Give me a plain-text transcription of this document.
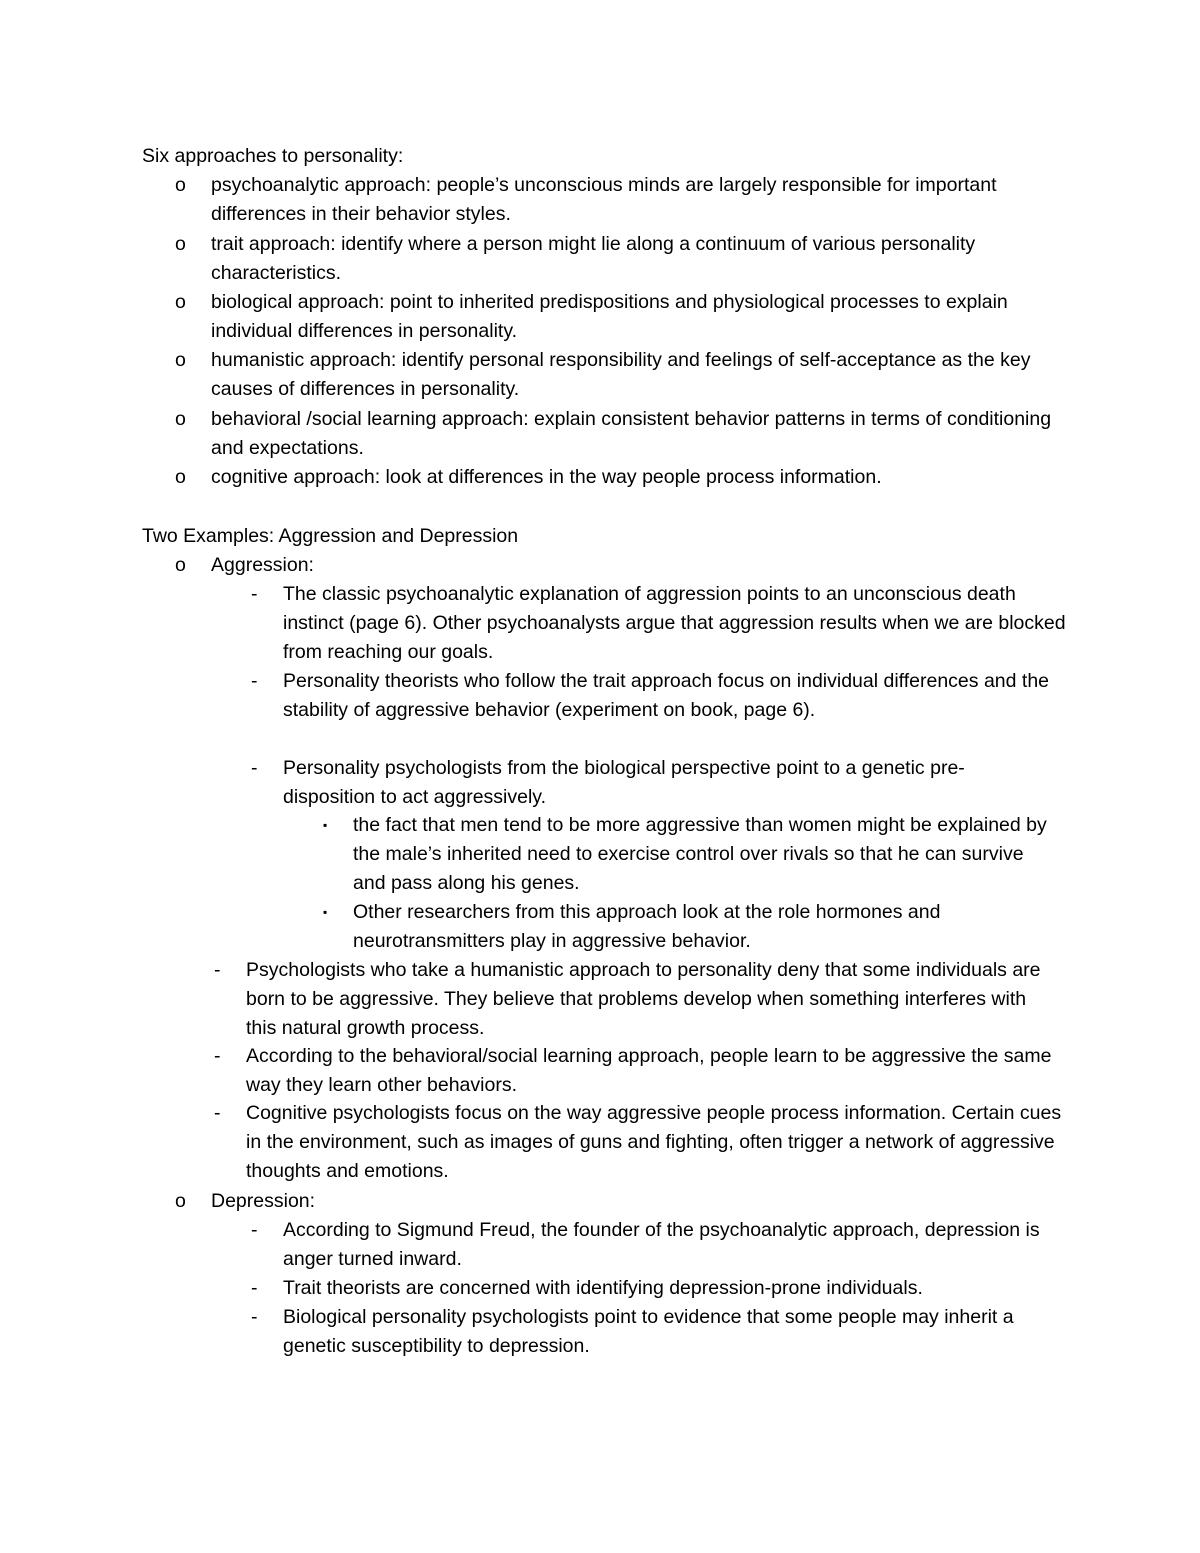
Six approaches to personality:
o	psychoanalytic approach: people’s unconscious minds are largely responsible for important differences in their behavior styles.
o	trait approach: identify where a person might lie along a continuum of various personality characteristics.
o	biological approach: point to inherited predispositions and physiological processes to explain individual differences in personality.
o	humanistic approach: identify personal responsibility and feelings of self-acceptance as the key causes of differences in personality.
o	behavioral /social learning approach: explain consistent behavior patterns in terms of conditioning and expectations.
o	cognitive approach: look at differences in the way people process information.
Two Examples: Aggression and Depression
o	Aggression:
-	The classic psychoanalytic explanation of aggression points to an unconscious death instinct (page 6). Other psychoanalysts argue that aggression results when we are blocked from reaching our goals.
-	Personality theorists who follow the trait approach focus on individual differences and the stability of aggressive behavior (experiment on book, page 6).
-	Personality psychologists from the biological perspective point to a genetic pre-disposition to act aggressively.
▪	the fact that men tend to be more aggressive than women might be explained by the male’s inherited need to exercise control over rivals so that he can survive and pass along his genes.
▪	Other researchers from this approach look at the role hormones and neurotransmitters play in aggressive behavior.
-	Psychologists who take a humanistic approach to personality deny that some individuals are born to be aggressive. They believe that problems develop when something interferes with this natural growth process.
-	According to the behavioral/social learning approach, people learn to be aggressive the same way they learn other behaviors.
-	Cognitive psychologists focus on the way aggressive people process information. Certain cues in the environment, such as images of guns and fighting, often trigger a network of aggressive thoughts and emotions.
o	Depression:
-	According to Sigmund Freud, the founder of the psychoanalytic approach, depression is anger turned inward.
-	Trait theorists are concerned with identifying depression-prone individuals.
-	Biological personality psychologists point to evidence that some people may inherit a genetic susceptibility to depression.
